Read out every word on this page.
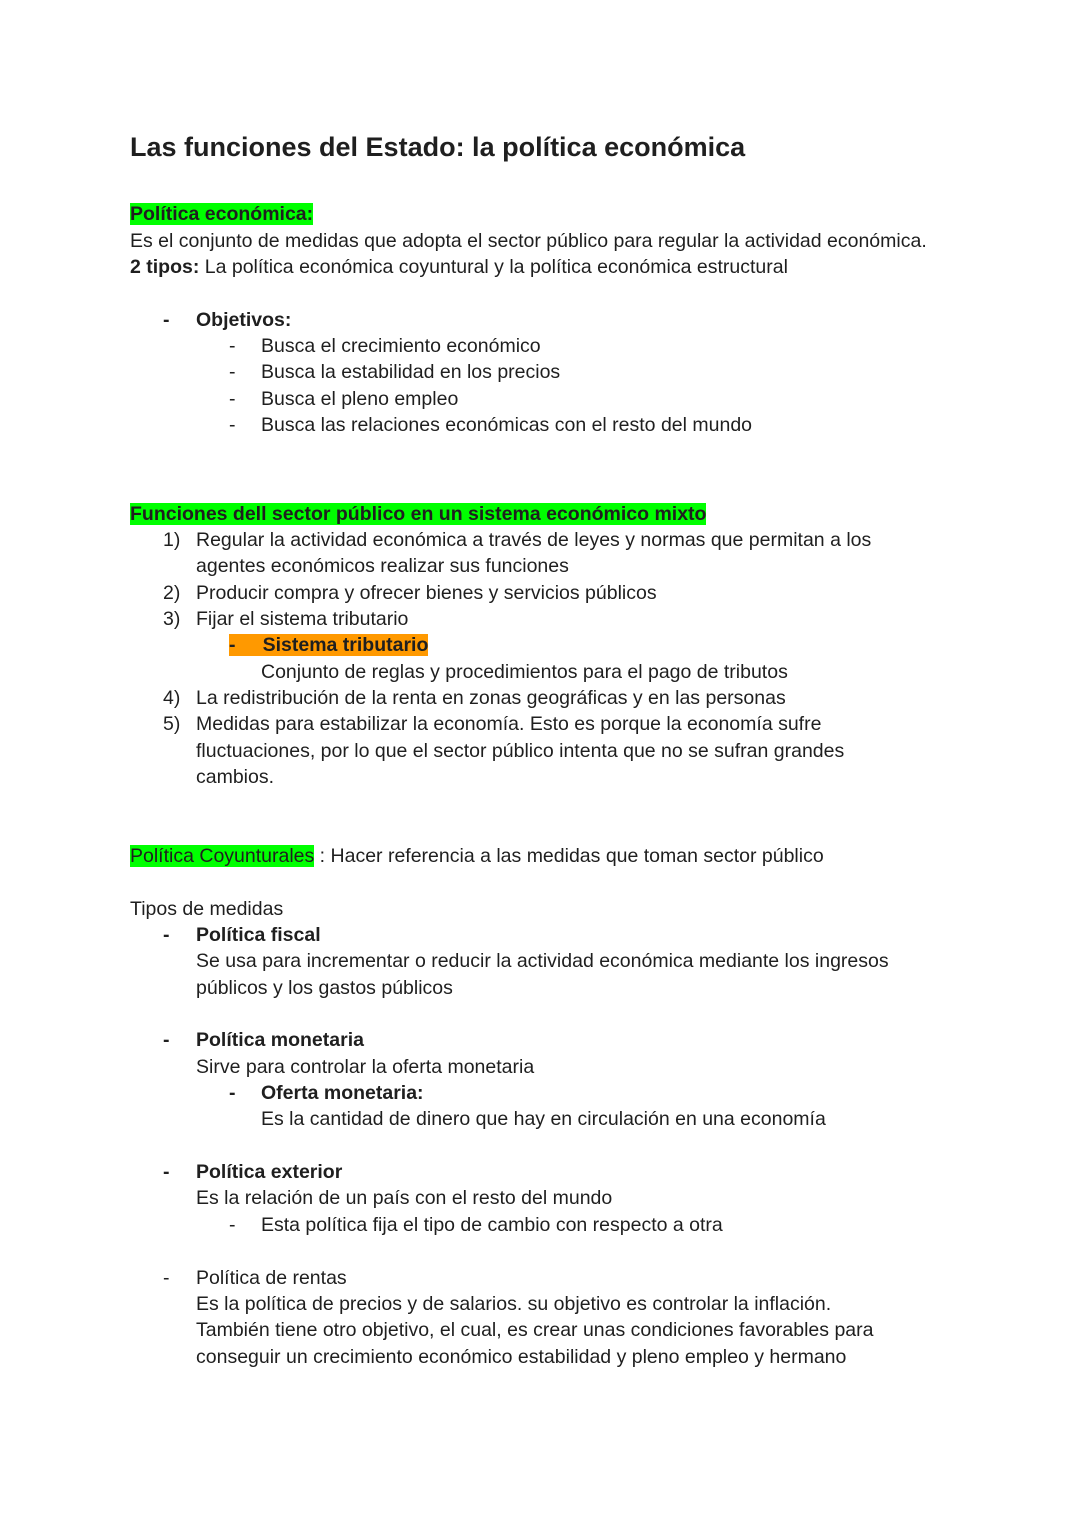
Las funciones del Estado: la política económica
Política económica:
Es el conjunto de medidas que adopta el sector público para regular la actividad económica.
2 tipos: La política económica coyuntural y la política económica estructural
- Objetivos:
- Busca el crecimiento económico
- Busca la estabilidad en los precios
- Busca el pleno empleo
- Busca las relaciones económicas con el resto del mundo
Funciones dell sector público en un sistema económico mixto
1) Regular la actividad económica a través de leyes y normas que permitan a los
agentes económicos realizar sus funciones
2) Producir compra y ofrecer bienes y servicios públicos
3) Fijar el sistema tributario
-     Sistema tributario
Conjunto de reglas y procedimientos para el pago de tributos
4) La redistribución de la renta en zonas geográficas y en las personas
5) Medidas para estabilizar la economía. Esto es porque la economía sufre
fluctuaciones, por lo que el sector público intenta que no se sufran grandes
cambios.
Política Coyunturales : Hacer referencia a las medidas que toman sector público
Tipos de medidas
- Política fiscal
Se usa para incrementar o reducir la actividad económica mediante los ingresos
públicos y los gastos públicos
- Política monetaria
Sirve para controlar la oferta monetaria
- Oferta monetaria:
Es la cantidad de dinero que hay en circulación en una economía
- Política exterior
Es la relación de un país con el resto del mundo
- Esta política fija el tipo de cambio con respecto a otra
- Política de rentas
Es la política de precios y de salarios. su objetivo es controlar la inflación.
También tiene otro objetivo, el cual, es crear unas condiciones favorables para
conseguir un crecimiento económico estabilidad y pleno empleo y hermano
